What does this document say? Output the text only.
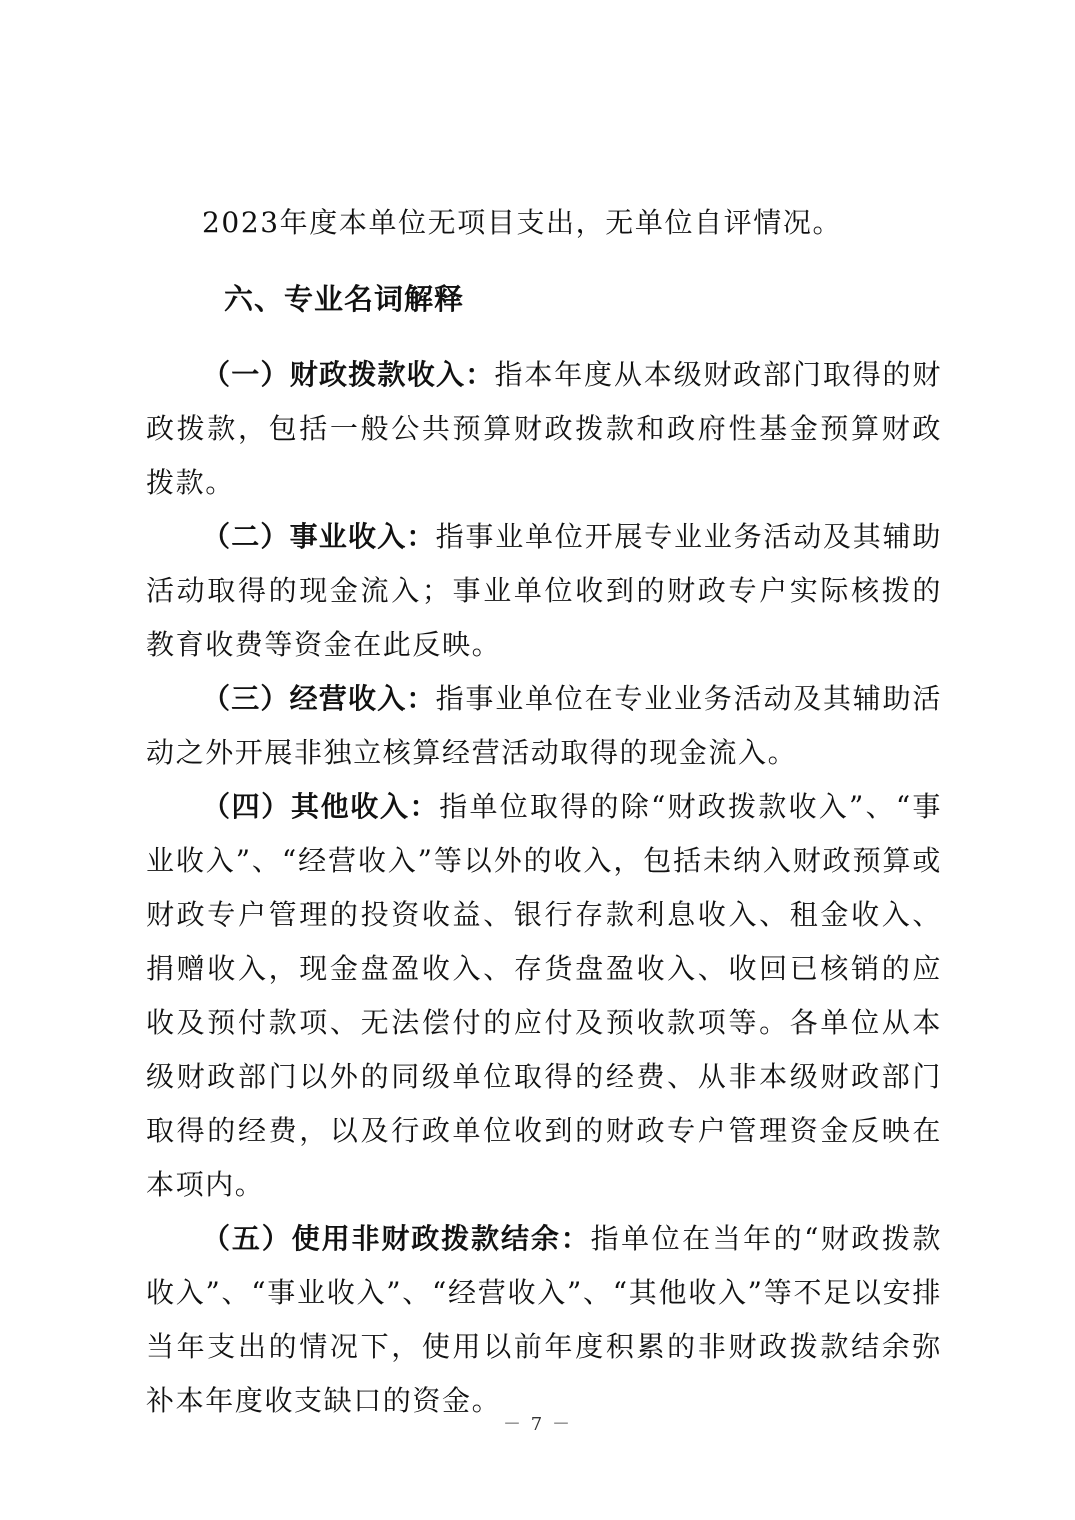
2023年度本单位无项目支出，无单位自评情况。

六、专业名词解释

（一）财政拨款收入：指本年度从本级财政部门取得的财政拨款，包括一般公共预算财政拨款和政府性基金预算财政拨款。

（二）事业收入：指事业单位开展专业业务活动及其辅助活动取得的现金流入；事业单位收到的财政专户实际核拨的教育收费等资金在此反映。

（三）经营收入：指事业单位在专业业务活动及其辅助活动之外开展非独立核算经营活动取得的现金流入。

（四）其他收入：指单位取得的除“财政拨款收入”、“事业收入”、“经营收入”等以外的收入，包括未纳入财政预算或财政专户管理的投资收益、银行存款利息收入、租金收入、捐赠收入，现金盘盈收入、存货盘盈收入、收回已核销的应收及预付款项、无法偿付的应付及预收款项等。各单位从本级财政部门以外的同级单位取得的经费、从非本级财政部门取得的经费，以及行政单位收到的财政专户管理资金反映在本项内。

（五）使用非财政拨款结余：指单位在当年的“财政拨款收入”、“事业收入”、“经营收入”、“其他收入”等不足以安排当年支出的情况下，使用以前年度积累的非财政拨款结余弥补本年度收支缺口的资金。

－ 7 －
